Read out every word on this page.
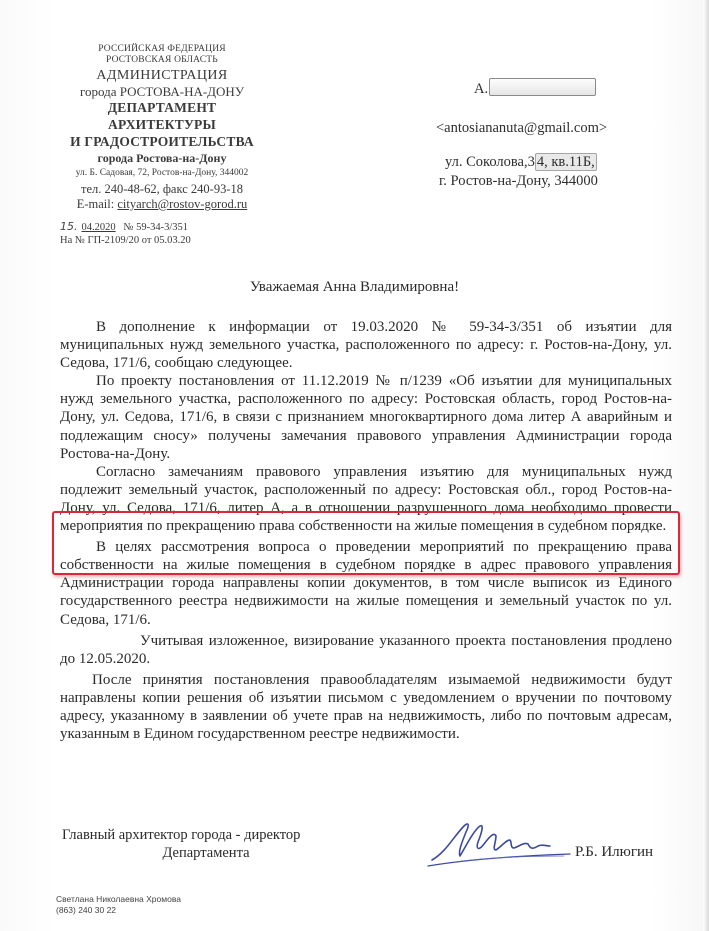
РОССИЙСКАЯ ФЕДЕРАЦИЯ
РОСТОВСКАЯ ОБЛАСТЬ
АДМИНИСТРАЦИЯ
города РОСТОВА-НА-ДОНУ
ДЕПАРТАМЕНТ
АРХИТЕКТУРЫ
И ГРАДОСТРОИТЕЛЬСТВА
города Ростова-на-Дону
ул. Б. Садовая, 72, Ростов-на-Дону, 344002
тел. 240-48-62, факс 240-93-18
E-mail: cityarch@rostov-gorod.ru
15. 04.2020 № 59-34-3/351
На № ГП-2109/20 от 05.03.20
А.
<antosiananuta@gmail.com>
ул. Соколова,3 4, кв.11Б,
г. Ростов-на-Дону, 344000
Уважаемая Анна Владимировна!

В дополнение к информации от 19.03.2020 № 59-34-3/351 об изъятии для муниципальных нужд земельного участка, расположенного по адресу: г. Ростов-на-Дону, ул. Седова, 171/6, сообщаю следующее.

По проекту постановления от 11.12.2019 № п/1239 «Об изъятии для муниципальных нужд земельного участка, расположенного по адресу: Ростовская область, город Ростов-на-Дону, ул. Седова, 171/6, в связи с признанием многоквартирного дома литер А аварийным и подлежащим сносу» получены замечания правового управления Администрации города Ростова-на-Дону.

Согласно замечаниям правового управления изъятию для муниципальных нужд подлежит земельный участок, расположенный по адресу: Ростовская обл., город Ростов-на-Дону, ул. Седова, 171/6, литер А, а в отношении разрушенного дома необходимо провести мероприятия по прекращению права собственности на жилые помещения в судебном порядке.

В целях рассмотрения вопроса о проведении мероприятий по прекращению права собственности на жилые помещения в судебном порядке в адрес правового управления Администрации города направлены копии документов, в том числе выписок из Единого государственного реестра недвижимости на жилые помещения и земельный участок по ул. Седова, 171/6.

Учитывая изложенное, визирование указанного проекта постановления продлено до 12.05.2020.

После принятия постановления правообладателям изымаемой недвижимости будут направлены копии решения об изъятии письмом с уведомлением о вручении по почтовому адресу, указанному в заявлении об учете прав на недвижимость, либо по почтовым адресам, указанным в Едином государственном реестре недвижимости.

Главный архитектор города - директор
Департамента	Р.Б. Илюгин
Светлана Николаевна Хромова
(863) 240 30 22
